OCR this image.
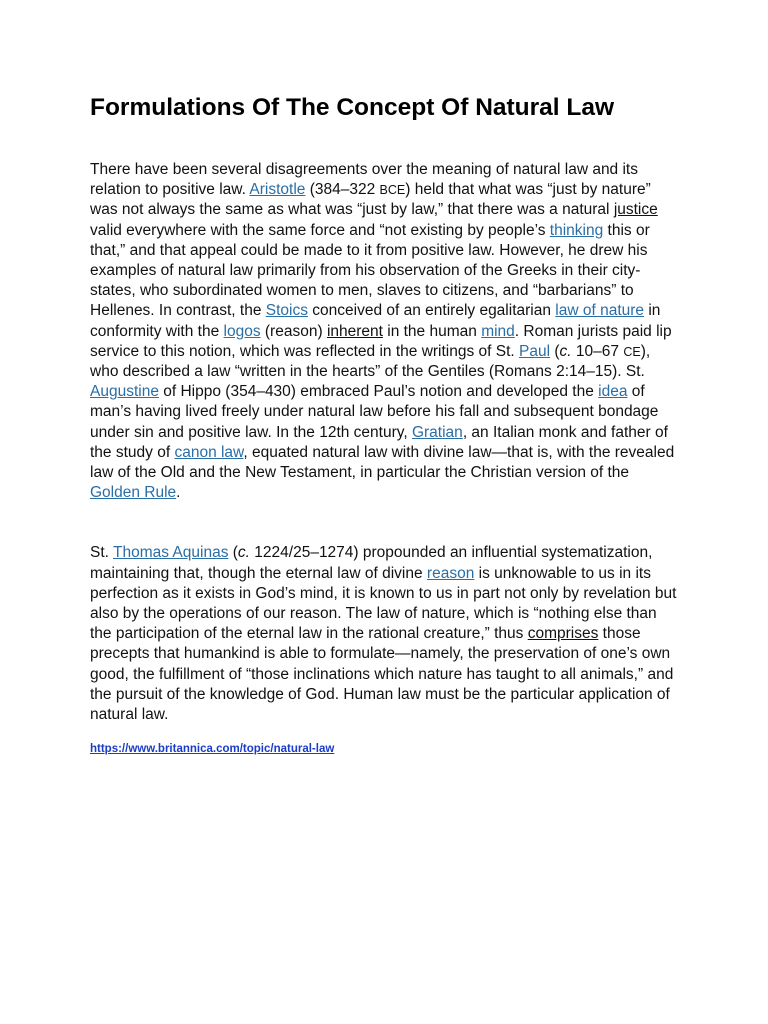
Formulations Of The Concept Of Natural Law

There have been several disagreements over the meaning of natural law and its relation to positive law. Aristotle (384–322 BCE) held that what was “just by nature” was not always the same as what was “just by law,” that there was a natural justice valid everywhere with the same force and “not existing by people’s thinking this or that,” and that appeal could be made to it from positive law. However, he drew his examples of natural law primarily from his observation of the Greeks in their city-states, who subordinated women to men, slaves to citizens, and “barbarians” to Hellenes. In contrast, the Stoics conceived of an entirely egalitarian law of nature in conformity with the logos (reason) inherent in the human mind. Roman jurists paid lip service to this notion, which was reflected in the writings of St. Paul (c. 10–67 CE), who described a law “written in the hearts” of the Gentiles (Romans 2:14–15). St. Augustine of Hippo (354–430) embraced Paul’s notion and developed the idea of man’s having lived freely under natural law before his fall and subsequent bondage under sin and positive law. In the 12th century, Gratian, an Italian monk and father of the study of canon law, equated natural law with divine law—that is, with the revealed law of the Old and the New Testament, in particular the Christian version of the Golden Rule.

St. Thomas Aquinas (c. 1224/25–1274) propounded an influential systematization, maintaining that, though the eternal law of divine reason is unknowable to us in its perfection as it exists in God’s mind, it is known to us in part not only by revelation but also by the operations of our reason. The law of nature, which is “nothing else than the participation of the eternal law in the rational creature,” thus comprises those precepts that humankind is able to formulate—namely, the preservation of one’s own good, the fulfillment of “those inclinations which nature has taught to all animals,” and the pursuit of the knowledge of God. Human law must be the particular application of natural law.

https://www.britannica.com/topic/natural-law
